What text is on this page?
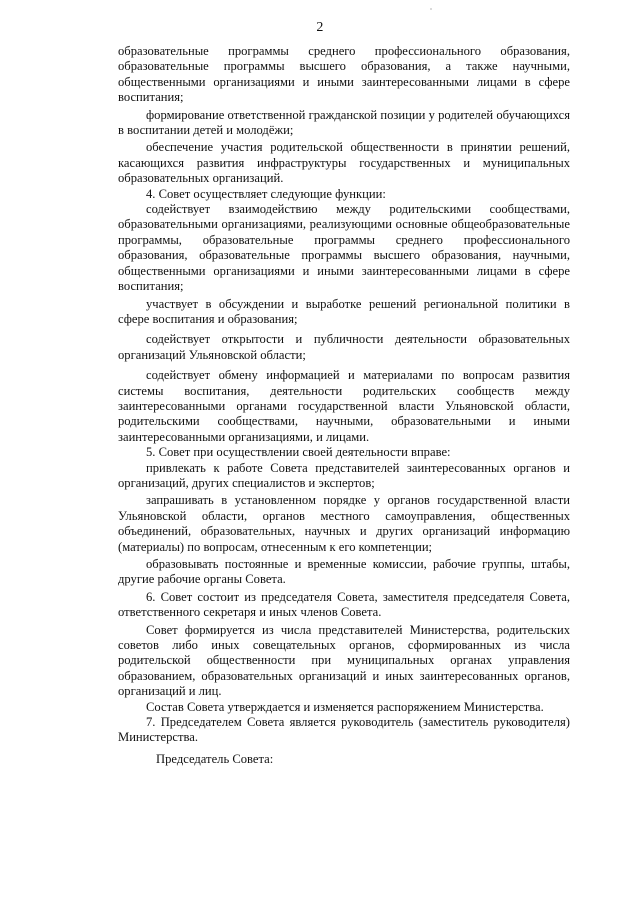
2

образовательные программы среднего профессионального образования, образовательные программы высшего образования, а также научными, общественными организациями и иными заинтересованными лицами в сфере воспитания;

формирование ответственной гражданской позиции у родителей обучающихся в воспитании детей и молодёжи;

обеспечение участия родительской общественности в принятии решений, касающихся развития инфраструктуры государственных и муниципальных образовательных организаций.

4. Совет осуществляет следующие функции:

содействует взаимодействию между родительскими сообществами, образовательными организациями, реализующими основные общеобразовательные программы, образовательные программы среднего профессионального образования, образовательные программы высшего образования, научными, общественными организациями и иными заинтересованными лицами в сфере воспитания;

участвует в обсуждении и выработке решений региональной политики в сфере воспитания и образования;

содействует открытости и публичности деятельности образовательных организаций Ульяновской области;

содействует обмену информацией и материалами по вопросам развития системы воспитания, деятельности родительских сообществ между заинтересованными органами государственной власти Ульяновской области, родительскими сообществами, научными, образовательными и иными заинтересованными организациями, и лицами.

5. Совет при осуществлении своей деятельности вправе:

привлекать к работе Совета представителей заинтересованных органов и организаций, других специалистов и экспертов;

запрашивать в установленном порядке у органов государственной власти Ульяновской области, органов местного самоуправления, общественных объединений, образовательных, научных и других организаций информацию (материалы) по вопросам, отнесенным к его компетенции;

образовывать постоянные и временные комиссии, рабочие группы, штабы, другие рабочие органы Совета.

6. Совет состоит из председателя Совета, заместителя председателя Совета, ответственного секретаря и иных членов Совета.

Совет формируется из числа представителей Министерства, родительских советов либо иных совещательных органов, сформированных из числа родительской общественности при муниципальных органах управления образованием, образовательных организаций и иных заинтересованных органов, организаций и лиц.

Состав Совета утверждается и изменяется распоряжением Министерства.

7. Председателем Совета является руководитель (заместитель руководителя) Министерства.

Председатель Совета:
